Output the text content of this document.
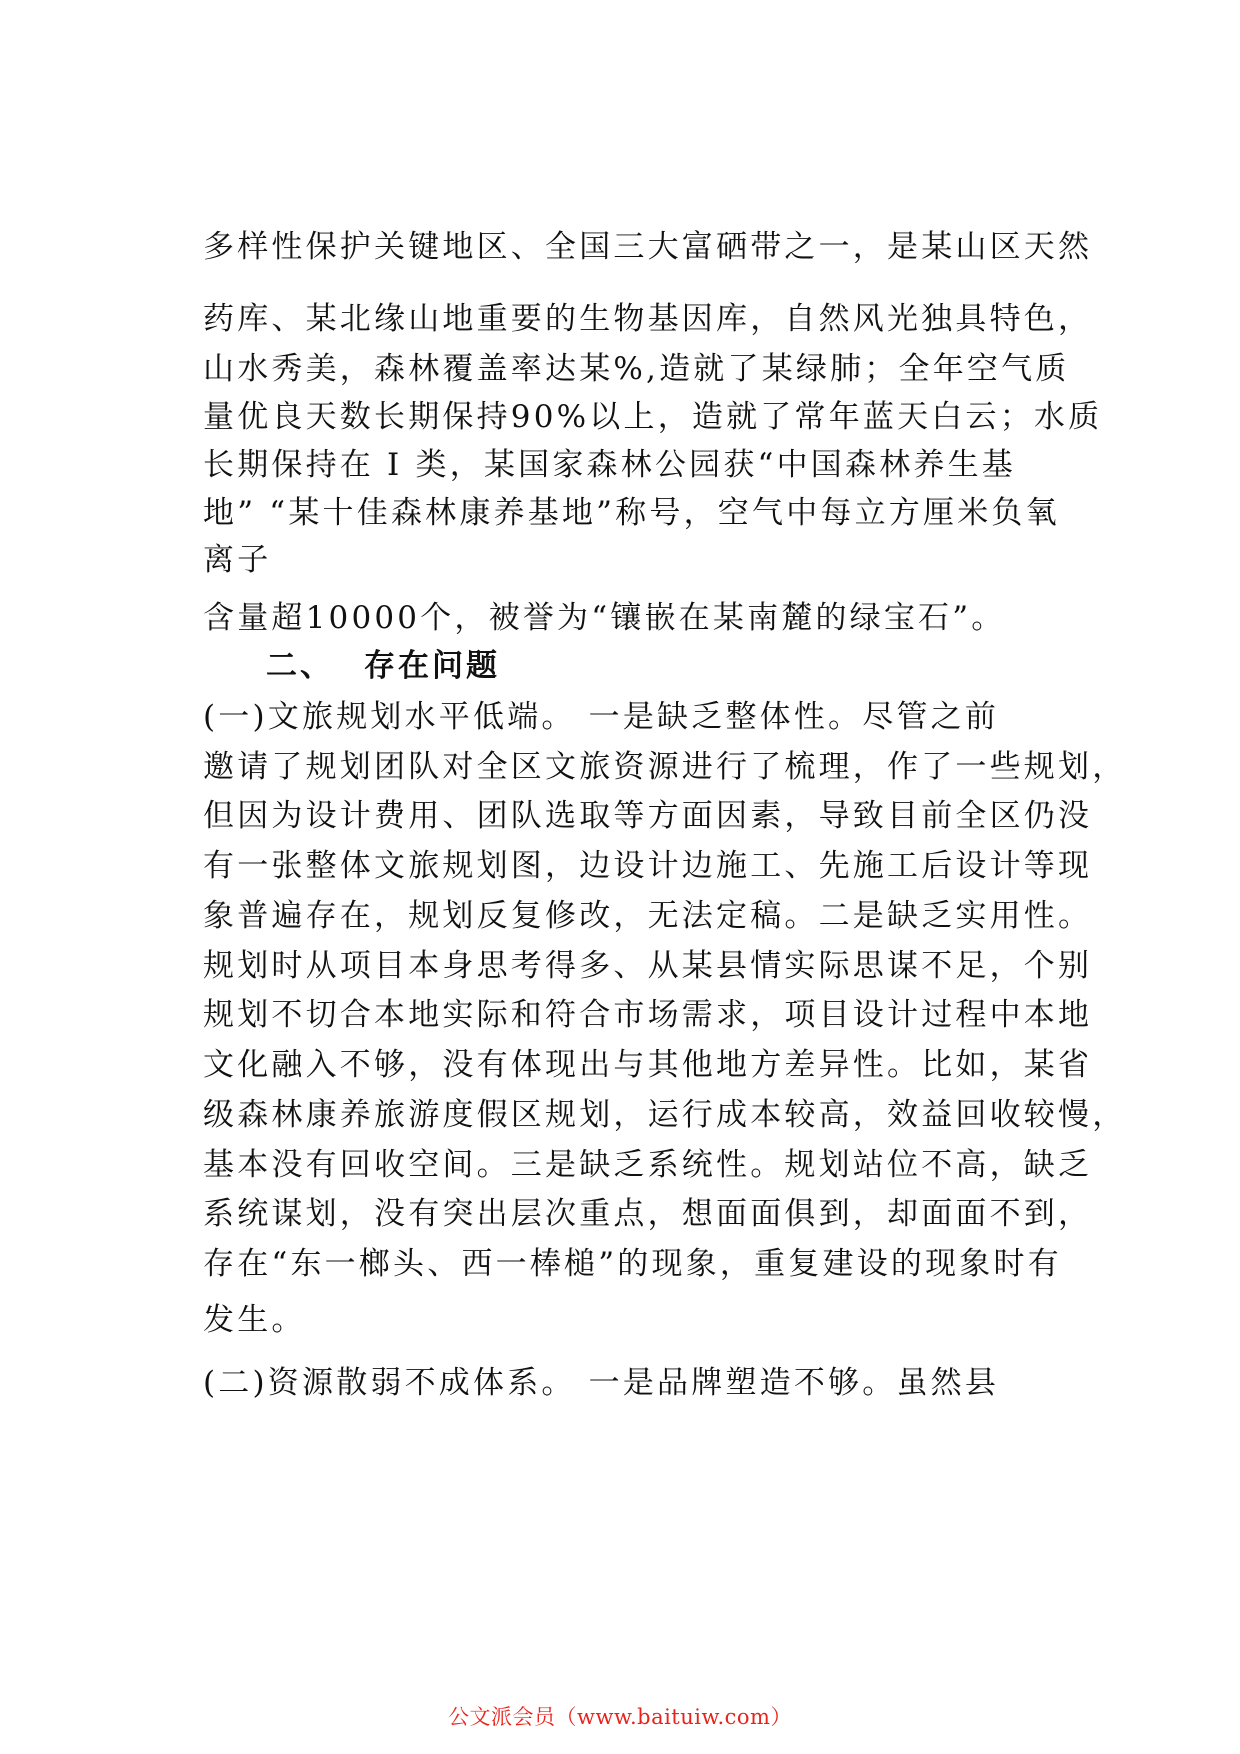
多样性保护关键地区、全国三大富硒带之一，是某山区天然

药库、某北缘山地重要的生物基因库，自然风光独具特色，

山水秀美，森林覆盖率达某%,造就了某绿肺；全年空气质

量优良天数长期保持90%以上，造就了常年蓝天白云；水质

长期保持在 Ⅰ 类，某国家森林公园获“中国森林养生基

地” “某十佳森林康养基地”称号，空气中每立方厘米负氧

离子

含量超10000个，被誉为“镶嵌在某南麓的绿宝石”。

二、 存在问题

(一)文旅规划水平低端。 一是缺乏整体性。尽管之前

邀请了规划团队对全区文旅资源进行了梳理，作了一些规划，

但因为设计费用、团队选取等方面因素，导致目前全区仍没

有一张整体文旅规划图，边设计边施工、先施工后设计等现

象普遍存在，规划反复修改，无法定稿。二是缺乏实用性。

规划时从项目本身思考得多、从某县情实际思谋不足，个别

规划不切合本地实际和符合市场需求，项目设计过程中本地

文化融入不够，没有体现出与其他地方差异性。比如，某省

级森林康养旅游度假区规划，运行成本较高，效益回收较慢，

基本没有回收空间。三是缺乏系统性。规划站位不高，缺乏

系统谋划，没有突出层次重点，想面面俱到，却面面不到，

存在“东一榔头、西一棒槌”的现象，重复建设的现象时有

发生。

(二)资源散弱不成体系。 一是品牌塑造不够。虽然县

公文派会员（www.baituiw.com）
